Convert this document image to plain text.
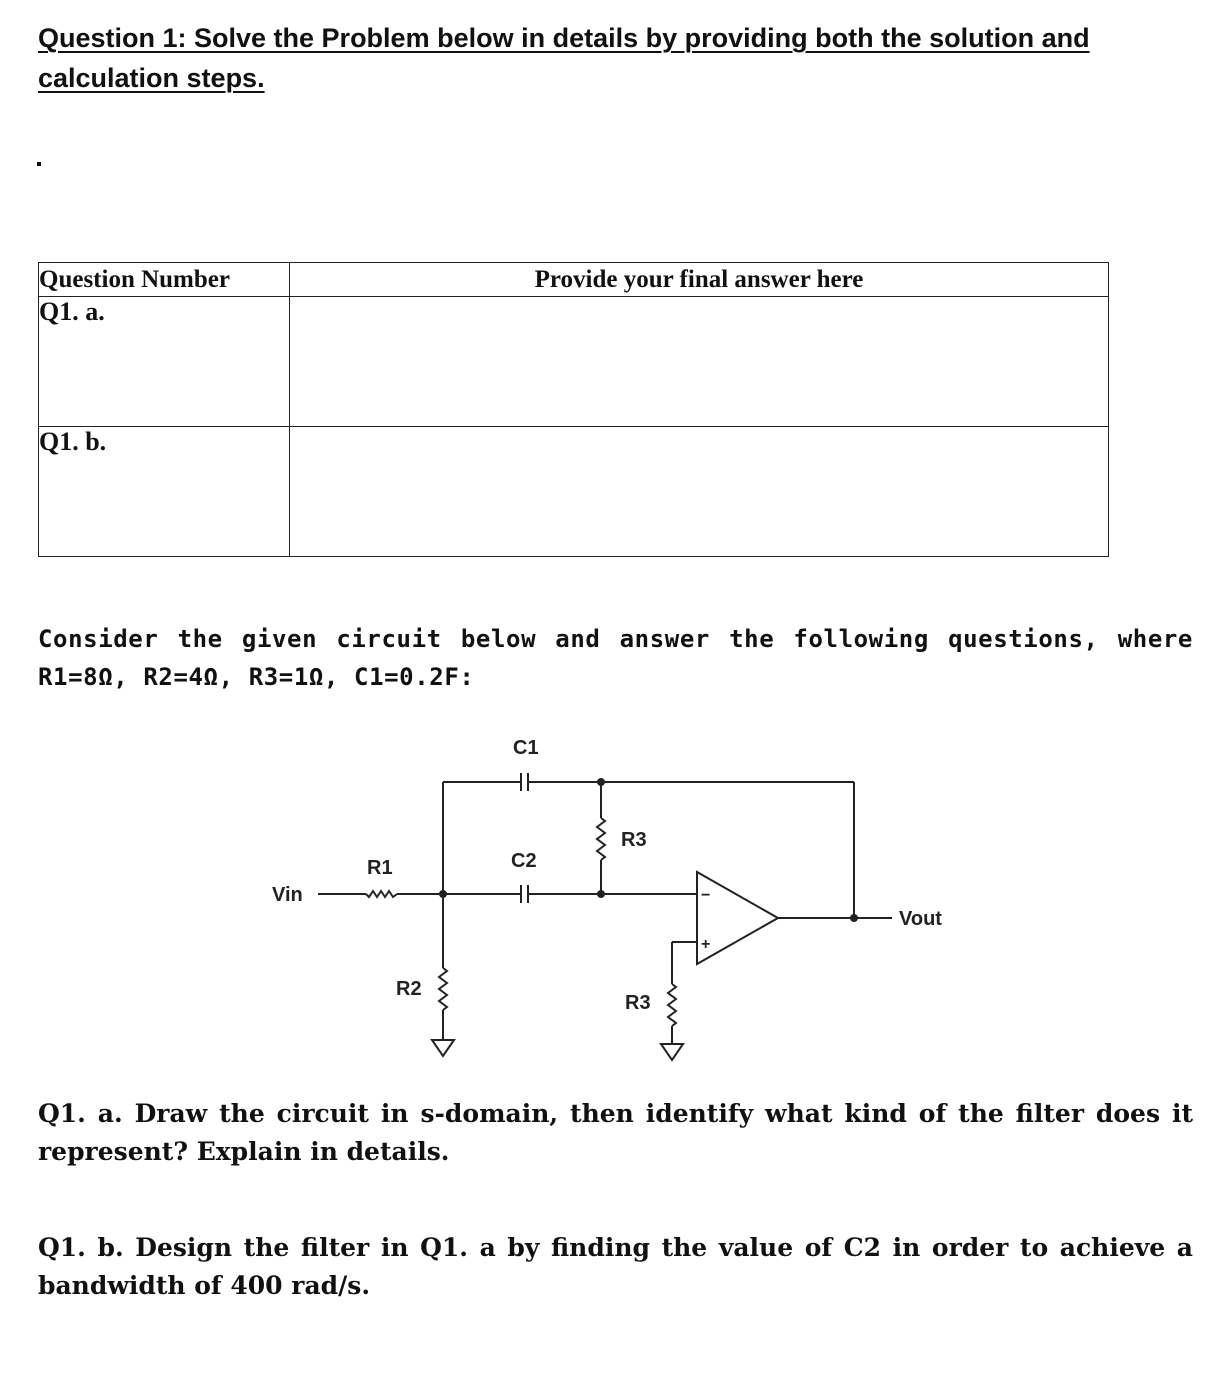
Question 1: Solve the Problem below in details by providing both the solution and calculation steps.
Question Number	Provide your final answer here
Q1. a.	
Q1. b.	

Consider the given circuit below and answer the following questions, where R1=8Ω, R2=4Ω, R3=1Ω, C1=0.2F:

Vin
R1
R2
C1
C2
R3
R3
Vout
−
+

Q1. a. Draw the circuit in s-domain, then identify what kind of the filter does it represent? Explain in details.

Q1. b. Design the filter in Q1. a by finding the value of C2 in order to achieve a bandwidth of 400 rad/s.
